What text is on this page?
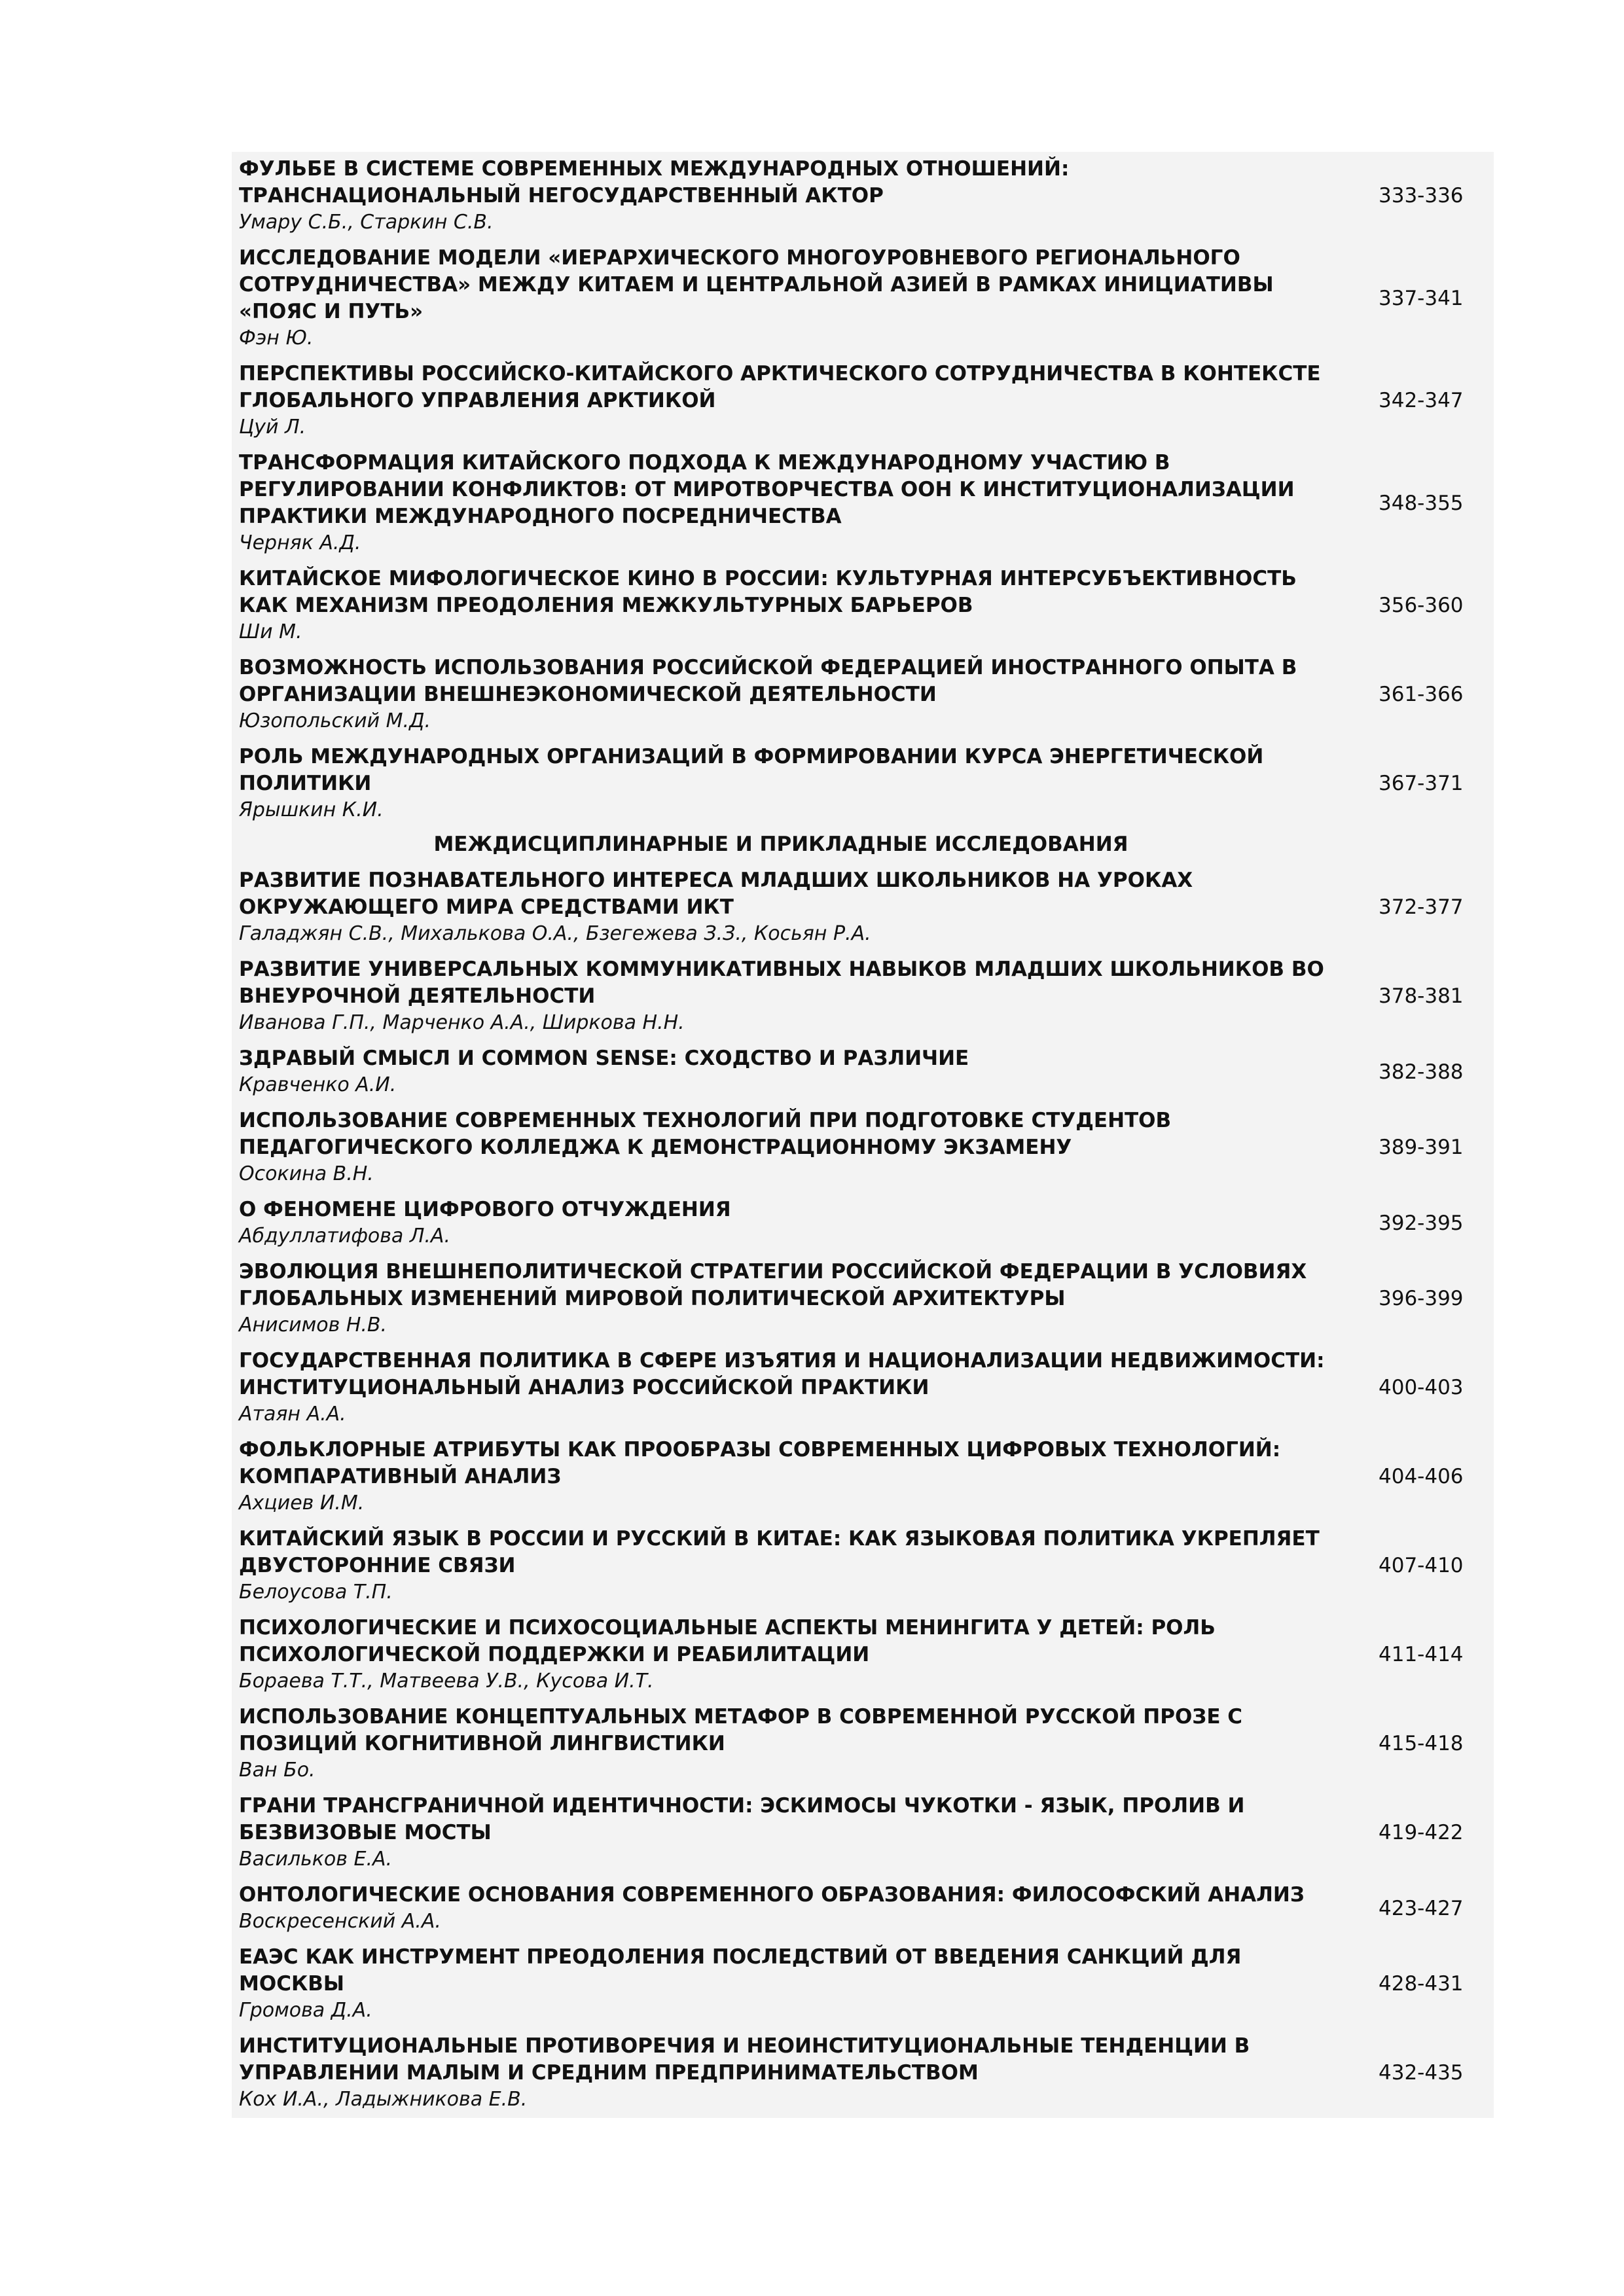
ФУЛЬБЕ В СИСТЕМЕ СОВРЕМЕННЫХ МЕЖДУНАРОДНЫХ ОТНОШЕНИЙ: ТРАНСНАЦИОНАЛЬНЫЙ НЕГОСУДАРСТВЕННЫЙ АКТОР
Умару С.Б., Старкин С.В.
333-336
ИССЛЕДОВАНИЕ МОДЕЛИ «ИЕРАРХИЧЕСКОГО МНОГОУРОВНЕВОГО РЕГИОНАЛЬНОГО СОТРУДНИЧЕСТВА» МЕЖДУ КИТАЕМ И ЦЕНТРАЛЬНОЙ АЗИЕЙ В РАМКАХ ИНИЦИАТИВЫ «ПОЯС И ПУТЬ»
Фэн Ю.
337-341
ПЕРСПЕКТИВЫ РОССИЙСКО-КИТАЙСКОГО АРКТИЧЕСКОГО СОТРУДНИЧЕСТВА В КОНТЕКСТЕ ГЛОБАЛЬНОГО УПРАВЛЕНИЯ АРКТИКОЙ
Цуй Л.
342-347
ТРАНСФОРМАЦИЯ КИТАЙСКОГО ПОДХОДА К МЕЖДУНАРОДНОМУ УЧАСТИЮ В РЕГУЛИРОВАНИИ КОНФЛИКТОВ: ОТ МИРОТВОРЧЕСТВА ООН К ИНСТИТУЦИОНАЛИЗАЦИИ ПРАКТИКИ МЕЖДУНАРОДНОГО ПОСРЕДНИЧЕСТВА
Черняк А.Д.
348-355
КИТАЙСКОЕ МИФОЛОГИЧЕСКОЕ КИНО В РОССИИ: КУЛЬТУРНАЯ ИНТЕРСУБЪЕКТИВНОСТЬ КАК МЕХАНИЗМ ПРЕОДОЛЕНИЯ МЕЖКУЛЬТУРНЫХ БАРЬЕРОВ
Ши М.
356-360
ВОЗМОЖНОСТЬ ИСПОЛЬЗОВАНИЯ РОССИЙСКОЙ ФЕДЕРАЦИЕЙ ИНОСТРАННОГО ОПЫТА В ОРГАНИЗАЦИИ ВНЕШНЕЭКОНОМИЧЕСКОЙ ДЕЯТЕЛЬНОСТИ
Юзопольский М.Д.
361-366
РОЛЬ МЕЖДУНАРОДНЫХ ОРГАНИЗАЦИЙ В ФОРМИРОВАНИИ КУРСА ЭНЕРГЕТИЧЕСКОЙ ПОЛИТИКИ
Ярышкин К.И.
367-371
МЕЖДИСЦИПЛИНАРНЫЕ И ПРИКЛАДНЫЕ ИССЛЕДОВАНИЯ
РАЗВИТИЕ ПОЗНАВАТЕЛЬНОГО ИНТЕРЕСА МЛАДШИХ ШКОЛЬНИКОВ НА УРОКАХ ОКРУЖАЮЩЕГО МИРА СРЕДСТВАМИ ИКТ
Галаджян С.В., Михалькова О.А., Бзегежева З.З., Косьян Р.А.
372-377
РАЗВИТИЕ УНИВЕРСАЛЬНЫХ КОММУНИКАТИВНЫХ НАВЫКОВ МЛАДШИХ ШКОЛЬНИКОВ ВО ВНЕУРОЧНОЙ ДЕЯТЕЛЬНОСТИ
Иванова Г.П., Марченко А.А., Ширкова Н.Н.
378-381
ЗДРАВЫЙ СМЫСЛ И COMMON SENSE: СХОДСТВО И РАЗЛИЧИЕ
Кравченко А.И.
382-388
ИСПОЛЬЗОВАНИЕ СОВРЕМЕННЫХ ТЕХНОЛОГИЙ ПРИ ПОДГОТОВКЕ СТУДЕНТОВ ПЕДАГОГИЧЕСКОГО КОЛЛЕДЖА К ДЕМОНСТРАЦИОННОМУ ЭКЗАМЕНУ
Осокина В.Н.
389-391
О ФЕНОМЕНЕ ЦИФРОВОГО ОТЧУЖДЕНИЯ
Абдуллатифова Л.А.
392-395
ЭВОЛЮЦИЯ ВНЕШНЕПОЛИТИЧЕСКОЙ СТРАТЕГИИ РОССИЙСКОЙ ФЕДЕРАЦИИ В УСЛОВИЯХ ГЛОБАЛЬНЫХ ИЗМЕНЕНИЙ МИРОВОЙ ПОЛИТИЧЕСКОЙ АРХИТЕКТУРЫ
Анисимов Н.В.
396-399
ГОСУДАРСТВЕННАЯ ПОЛИТИКА В СФЕРЕ ИЗЪЯТИЯ И НАЦИОНАЛИЗАЦИИ НЕДВИЖИМОСТИ: ИНСТИТУЦИОНАЛЬНЫЙ АНАЛИЗ РОССИЙСКОЙ ПРАКТИКИ
Атаян А.А.
400-403
ФОЛЬКЛОРНЫЕ АТРИБУТЫ КАК ПРООБРАЗЫ СОВРЕМЕННЫХ ЦИФРОВЫХ ТЕХНОЛОГИЙ: КОМПАРАТИВНЫЙ АНАЛИЗ
Ахциев И.М.
404-406
КИТАЙСКИЙ ЯЗЫК В РОССИИ И РУССКИЙ В КИТАЕ: КАК ЯЗЫКОВАЯ ПОЛИТИКА УКРЕПЛЯЕТ ДВУСТОРОННИЕ СВЯЗИ
Белоусова Т.П.
407-410
ПСИХОЛОГИЧЕСКИЕ И ПСИХОСОЦИАЛЬНЫЕ АСПЕКТЫ МЕНИНГИТА У ДЕТЕЙ: РОЛЬ ПСИХОЛОГИЧЕСКОЙ ПОДДЕРЖКИ И РЕАБИЛИТАЦИИ
Бораева Т.Т., Матвеева У.В., Кусова И.Т.
411-414
ИСПОЛЬЗОВАНИЕ КОНЦЕПТУАЛЬНЫХ МЕТАФОР В СОВРЕМЕННОЙ РУССКОЙ ПРОЗЕ С ПОЗИЦИЙ КОГНИТИВНОЙ ЛИНГВИСТИКИ
Ван Бо.
415-418
ГРАНИ ТРАНСГРАНИЧНОЙ ИДЕНТИЧНОСТИ: ЭСКИМОСЫ ЧУКОТКИ - ЯЗЫК, ПРОЛИВ И БЕЗВИЗОВЫЕ МОСТЫ
Васильков Е.А.
419-422
ОНТОЛОГИЧЕСКИЕ ОСНОВАНИЯ СОВРЕМЕННОГО ОБРАЗОВАНИЯ: ФИЛОСОФСКИЙ АНАЛИЗ
Воскресенский А.А.
423-427
ЕАЭС КАК ИНСТРУМЕНТ ПРЕОДОЛЕНИЯ ПОСЛЕДСТВИЙ ОТ ВВЕДЕНИЯ САНКЦИЙ ДЛЯ МОСКВЫ
Громова Д.А.
428-431
ИНСТИТУЦИОНАЛЬНЫЕ ПРОТИВОРЕЧИЯ И НЕОИНСТИТУЦИОНАЛЬНЫЕ ТЕНДЕНЦИИ В УПРАВЛЕНИИ МАЛЫМ И СРЕДНИМ ПРЕДПРИНИМАТЕЛЬСТВОМ
Кох И.А., Ладыжникова Е.В.
432-435
